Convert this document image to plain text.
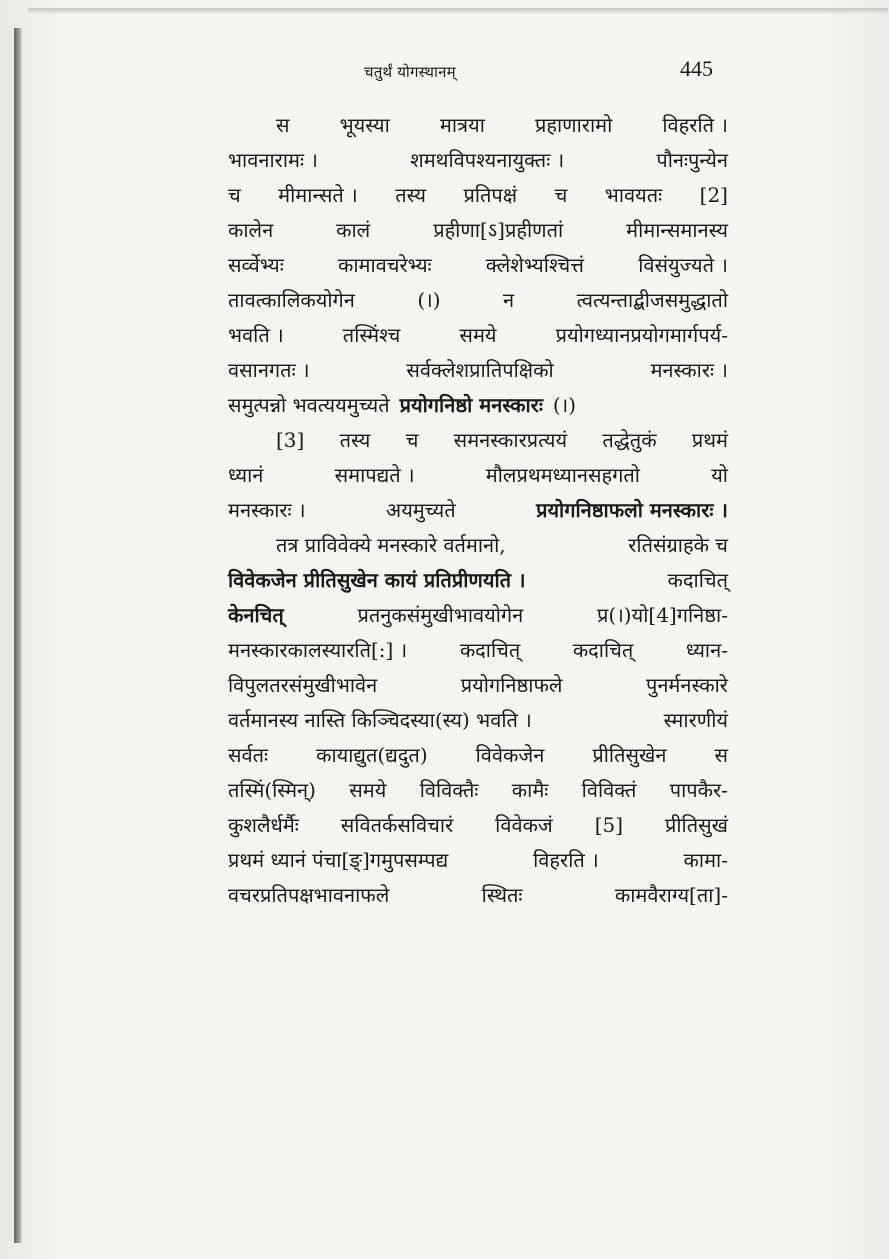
चतुर्थं योगस्थानम्	445
स	भूयस्या	मात्रया	प्रहाणारामो	विहरति ।
भावनारामः ।	शमथविपश्यनायुक्तः ।	पौनःपुन्येन
च मीमान्सते । तस्य प्रतिपक्षं च भावयतः [2]
कालेन	कालं	प्रहीणा[ऽ]प्रहीणतां	मीमान्समानस्य
सर्व्वेभ्यः	कामावचरेभ्यः	क्लेशेभ्यश्चित्तं	विसंयुज्यते ।
तावत्कालिकयोगेन	(।)	न	त्वत्यन्ताद्बीजसमुद्धातो
भवति ।	तस्मिंश्च	समये	प्रयोगध्यानप्रयोगमार्गपर्य-
वसानगतः ।	सर्वक्लेशप्रातिपक्षिको	मनस्कारः ।
समुत्पन्नो भवत्ययमुच्यते प्रयोगनिष्ठो मनस्कारः (।)
[3] तस्य च समनस्कारप्रत्ययं तद्धेतुकं प्रथमं
ध्यानं	समापद्यते ।	मौलप्रथमध्यानसहगतो	यो
मनस्कारः ।	अयमुच्यते	प्रयोगनिष्ठाफलो मनस्कारः ।
तत्र प्राविवेक्ये मनस्कारे वर्तमानो,	रतिसंग्राहके च
विवेकजेन प्रीतिसुखेन कायं प्रतिप्रीणयति ।	कदाचित्
केनचित्	प्रतनुकसंमुखीभावयोगेन	प्र(।)यो[4]गनिष्ठा-
मनस्कारकालस्यारति[:] ।	कदाचित्	कदाचित्	ध्यान-
विपुलतरसंमुखीभावेन	प्रयोगनिष्ठाफले	पुनर्मनस्कारे
वर्तमानस्य नास्ति किञ्चिदस्या(स्य) भवति ।	स्मारणीयं
सर्वतः कायाद्युत(द्यदुत) विवेकजेन प्रीतिसुखेन स
तस्मिं(स्मिन्) समये विविक्तैः कामैः विविक्तं पापकैर-
कुशलैर्धर्मैः सवितर्कसविचारं विवेकजं [5] प्रीतिसुखं
प्रथमं ध्यानं पंचा[ङ्]गमुपसम्पद्य	विहरति ।	कामा-
वचरप्रतिपक्षभावनाफले	स्थितः	कामवैराग्य[ता]-
